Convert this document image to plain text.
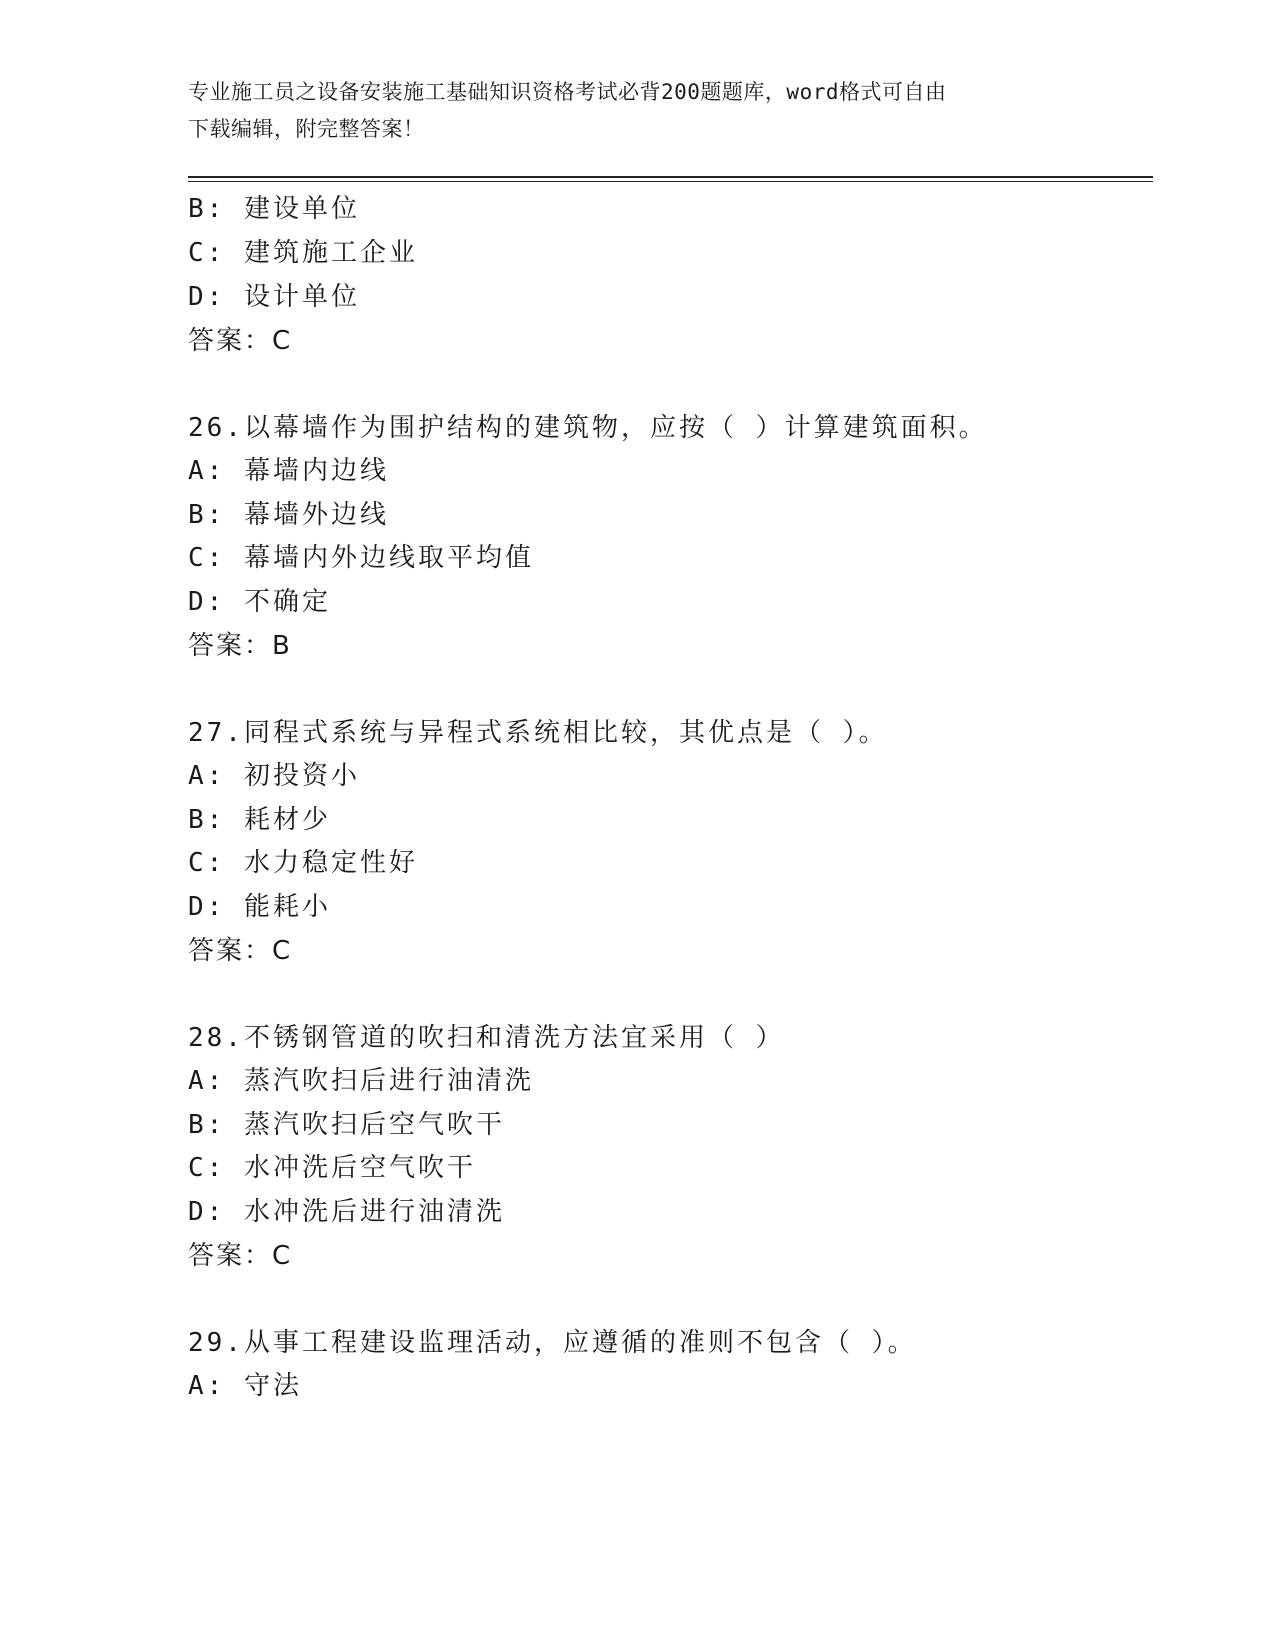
专业施工员之设备安装施工基础知识资格考试必背200题题库，word格式可自由
下载编辑，附完整答案！
B: 建设单位
C: 建筑施工企业
D: 设计单位
答案：C
26.以幕墙作为围护结构的建筑物，应按（ ）计算建筑面积。
A: 幕墙内边线
B: 幕墙外边线
C: 幕墙内外边线取平均值
D: 不确定
答案：B
27.同程式系统与异程式系统相比较，其优点是（ ）。
A: 初投资小
B: 耗材少
C: 水力稳定性好
D: 能耗小
答案：C
28.不锈钢管道的吹扫和清洗方法宜采用（ ）
A: 蒸汽吹扫后进行油清洗
B: 蒸汽吹扫后空气吹干
C: 水冲洗后空气吹干
D: 水冲洗后进行油清洗
答案：C
29.从事工程建设监理活动，应遵循的准则不包含（ ）。
A: 守法
